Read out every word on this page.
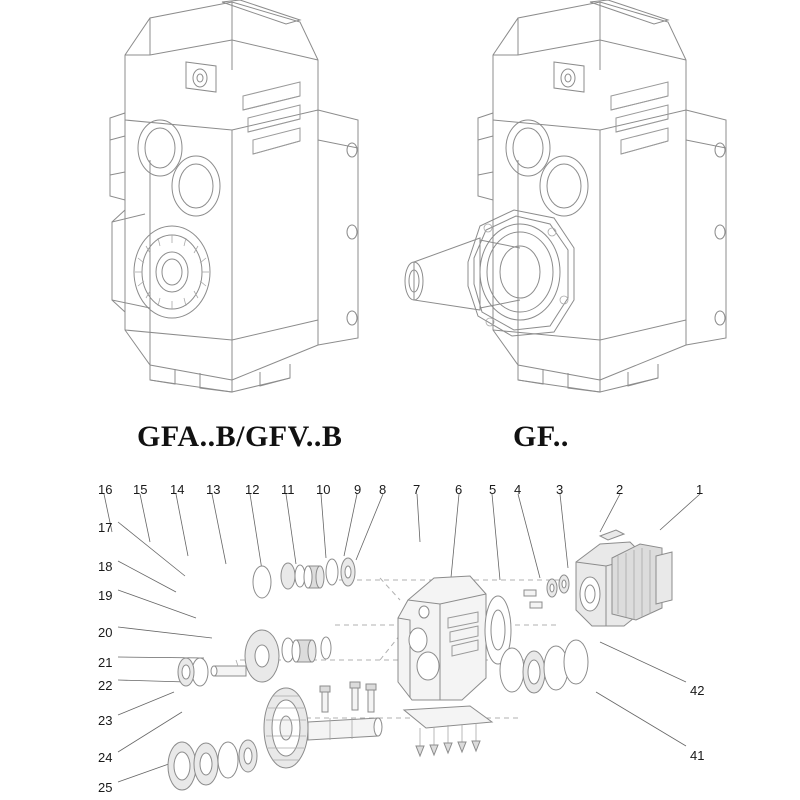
GFA..B/GFV..B	GF..
16 15 14 13 12 11 10 9 8 7	6 5 4	3	2	1
17
18
19
20
21
22
23
24
25
42
41
